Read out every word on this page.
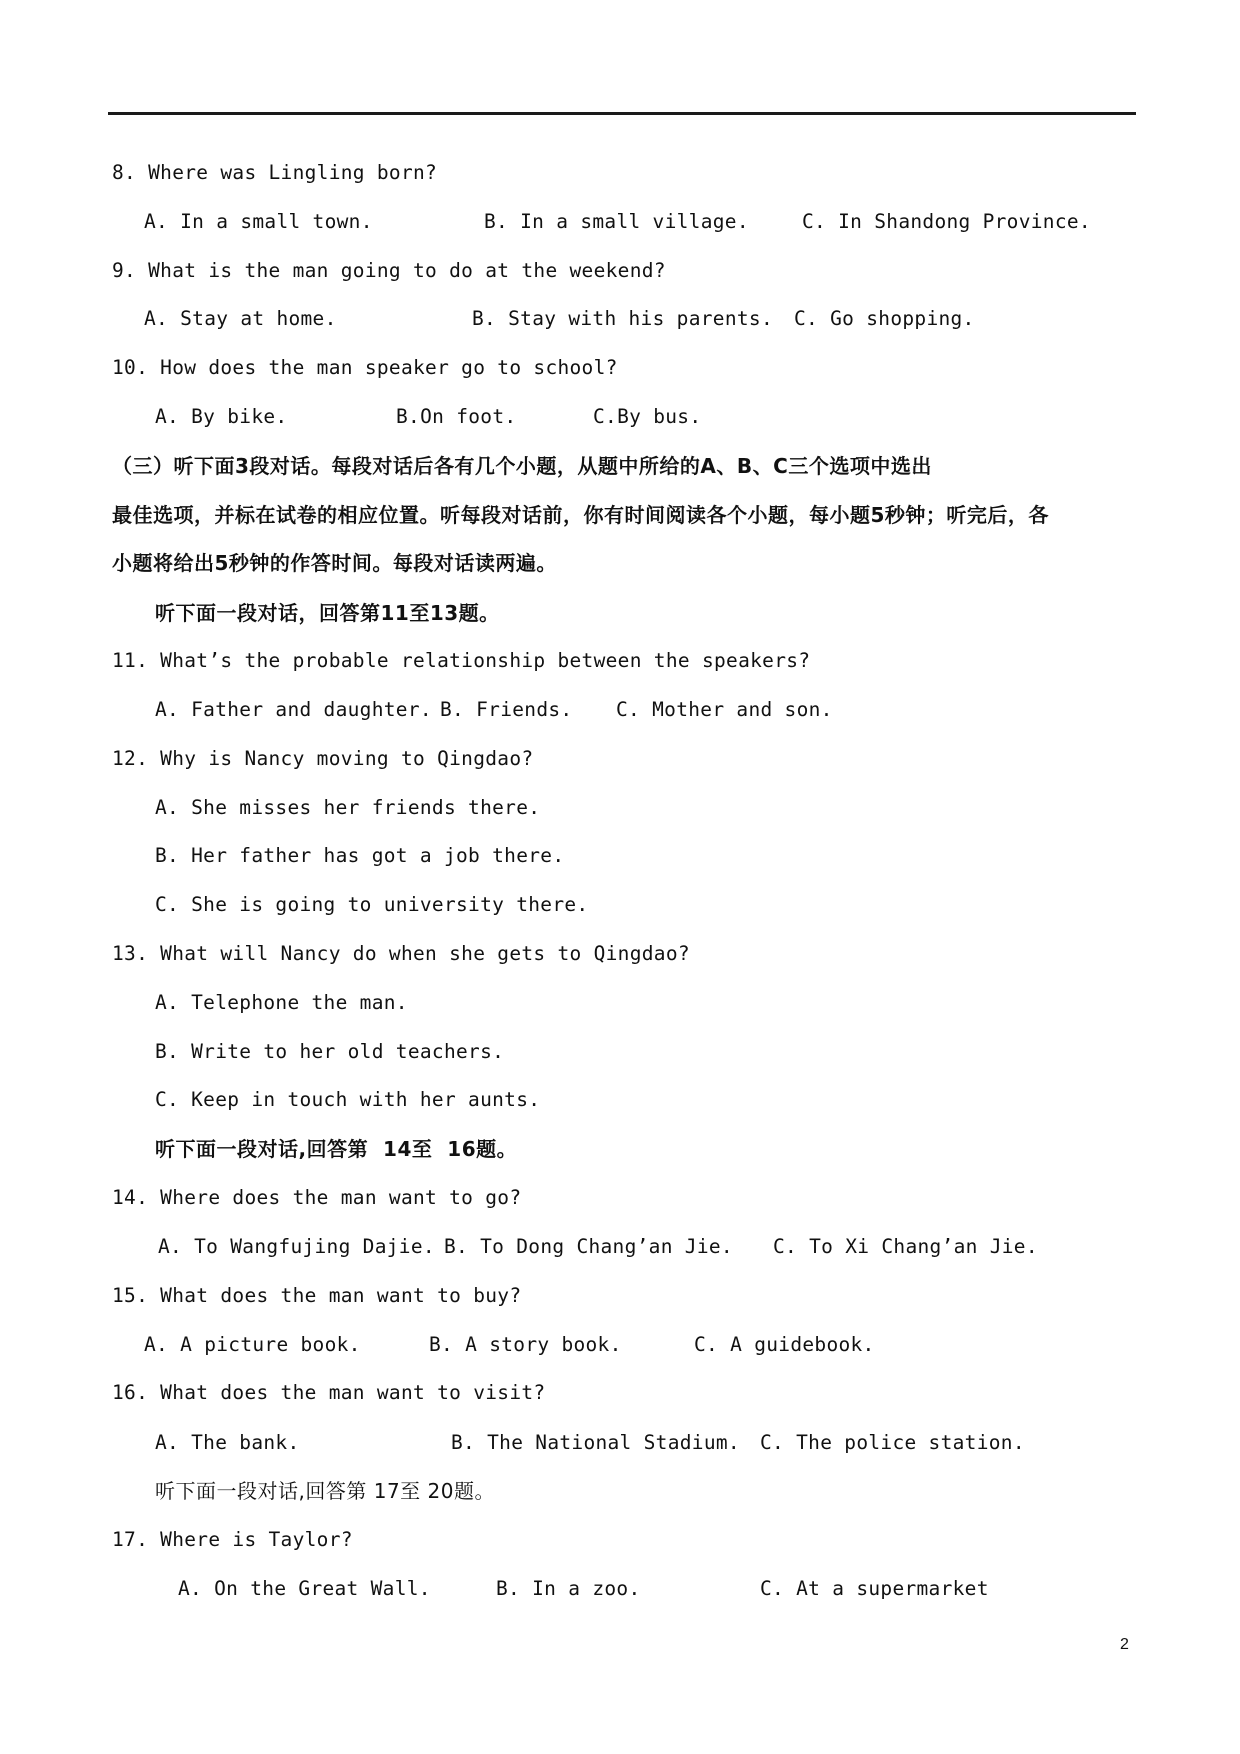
8. Where was Lingling born?
A. In a small town.	B. In a small village.	C. In Shandong Province.
9. What is the man going to do at the weekend?
A. Stay at home.	B. Stay with his parents. C. Go shopping.
10. How does the man speaker go to school?
A. By bike.	B.On foot.	C.By bus.
（三）听下面3段对话。每段对话后各有几个小题，从题中所给的A、B、C三个选项中选出
最佳选项，并标在试卷的相应位置。听每段对话前，你有时间阅读各个小题，每小题5秒钟；听完后，各
小题将给出5秒钟的作答时间。每段对话读两遍。
听下面一段对话，回答第11至13题。
11. What’s the probable relationship between the speakers?
A. Father and daughter. B. Friends. C. Mother and son.
12. Why is Nancy moving to Qingdao?
A. She misses her friends there.
B. Her father has got a job there.
C. She is going to university there.
13. What will Nancy do when she gets to Qingdao?
A. Telephone the man.
B. Write to her old teachers.
C. Keep in touch with her aunts.
听下面一段对话,回答第  14至  16题。
14. Where does the man want to go?
A. To Wangfujing Dajie. B. To Dong Chang’an Jie. C. To Xi Chang’an Jie.
15. What does the man want to buy?
A. A picture book.	B. A story book.	C. A guidebook.
16. What does the man want to visit?
A. The bank.	B. The National Stadium. C. The police station.
听下面一段对话,回答第 17至 20题。
17. Where is Taylor?
A. On the Great Wall.	B. In a zoo.	C. At a supermarket
2
